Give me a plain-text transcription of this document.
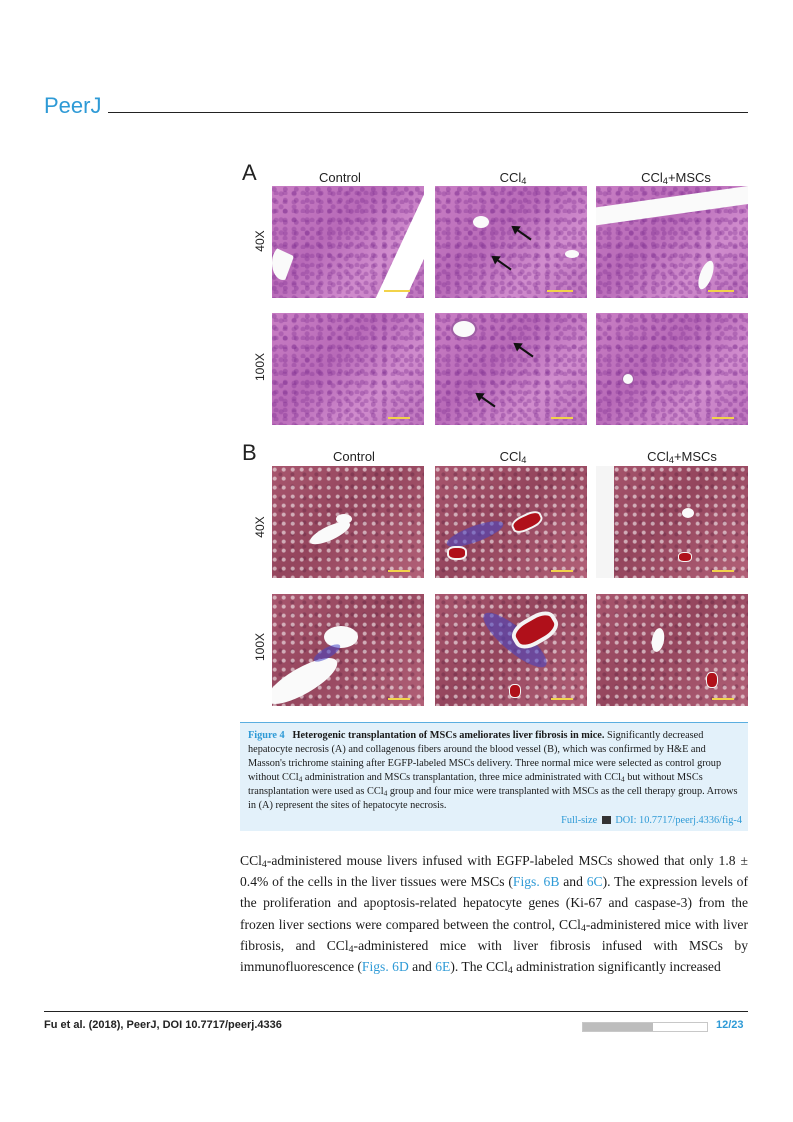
PeerJ
A	Control	CCl$_4$	CCl$_4$+MSCs
40X
100X
B	Control	CCl$_4$	CCl$_4$+MSCs
40X
100X
Figure 4 Heterogenic transplantation of MSCs ameliorates liver fibrosis in mice. Significantly decreased hepatocyte necrosis (A) and collagenous fibers around the blood vessel (B), which was confirmed by H&E and Masson's trichrome staining after EGFP-labeled MSCs delivery. Three normal mice were selected as control group without CCl$_4$ administration and MSCs transplantation, three mice administrated with CCl$_4$ but without MSCs transplantation were used as CCl$_4$ group and four mice were transplanted with MSCs as the cell therapy group. Arrows in (A) represent the sites of hepatocyte necrosis.
Full-size DOI: 10.7717/peerj.4336/fig-4
CCl$_4$-administered mouse livers infused with EGFP-labeled MSCs showed that only 1.8 ± 0.4% of the cells in the liver tissues were MSCs (Figs. 6B and 6C). The expression levels of the proliferation and apoptosis-related hepatocyte genes (Ki-67 and caspase-3) from the frozen liver sections were compared between the control, CCl$_4$-administered mice with liver fibrosis, and CCl$_4$-administered mice with liver fibrosis infused with MSCs by immunofluorescence (Figs. 6D and 6E). The CCl$_4$ administration significantly increased
Fu et al. (2018), PeerJ, DOI 10.7717/peerj.4336	12/23
